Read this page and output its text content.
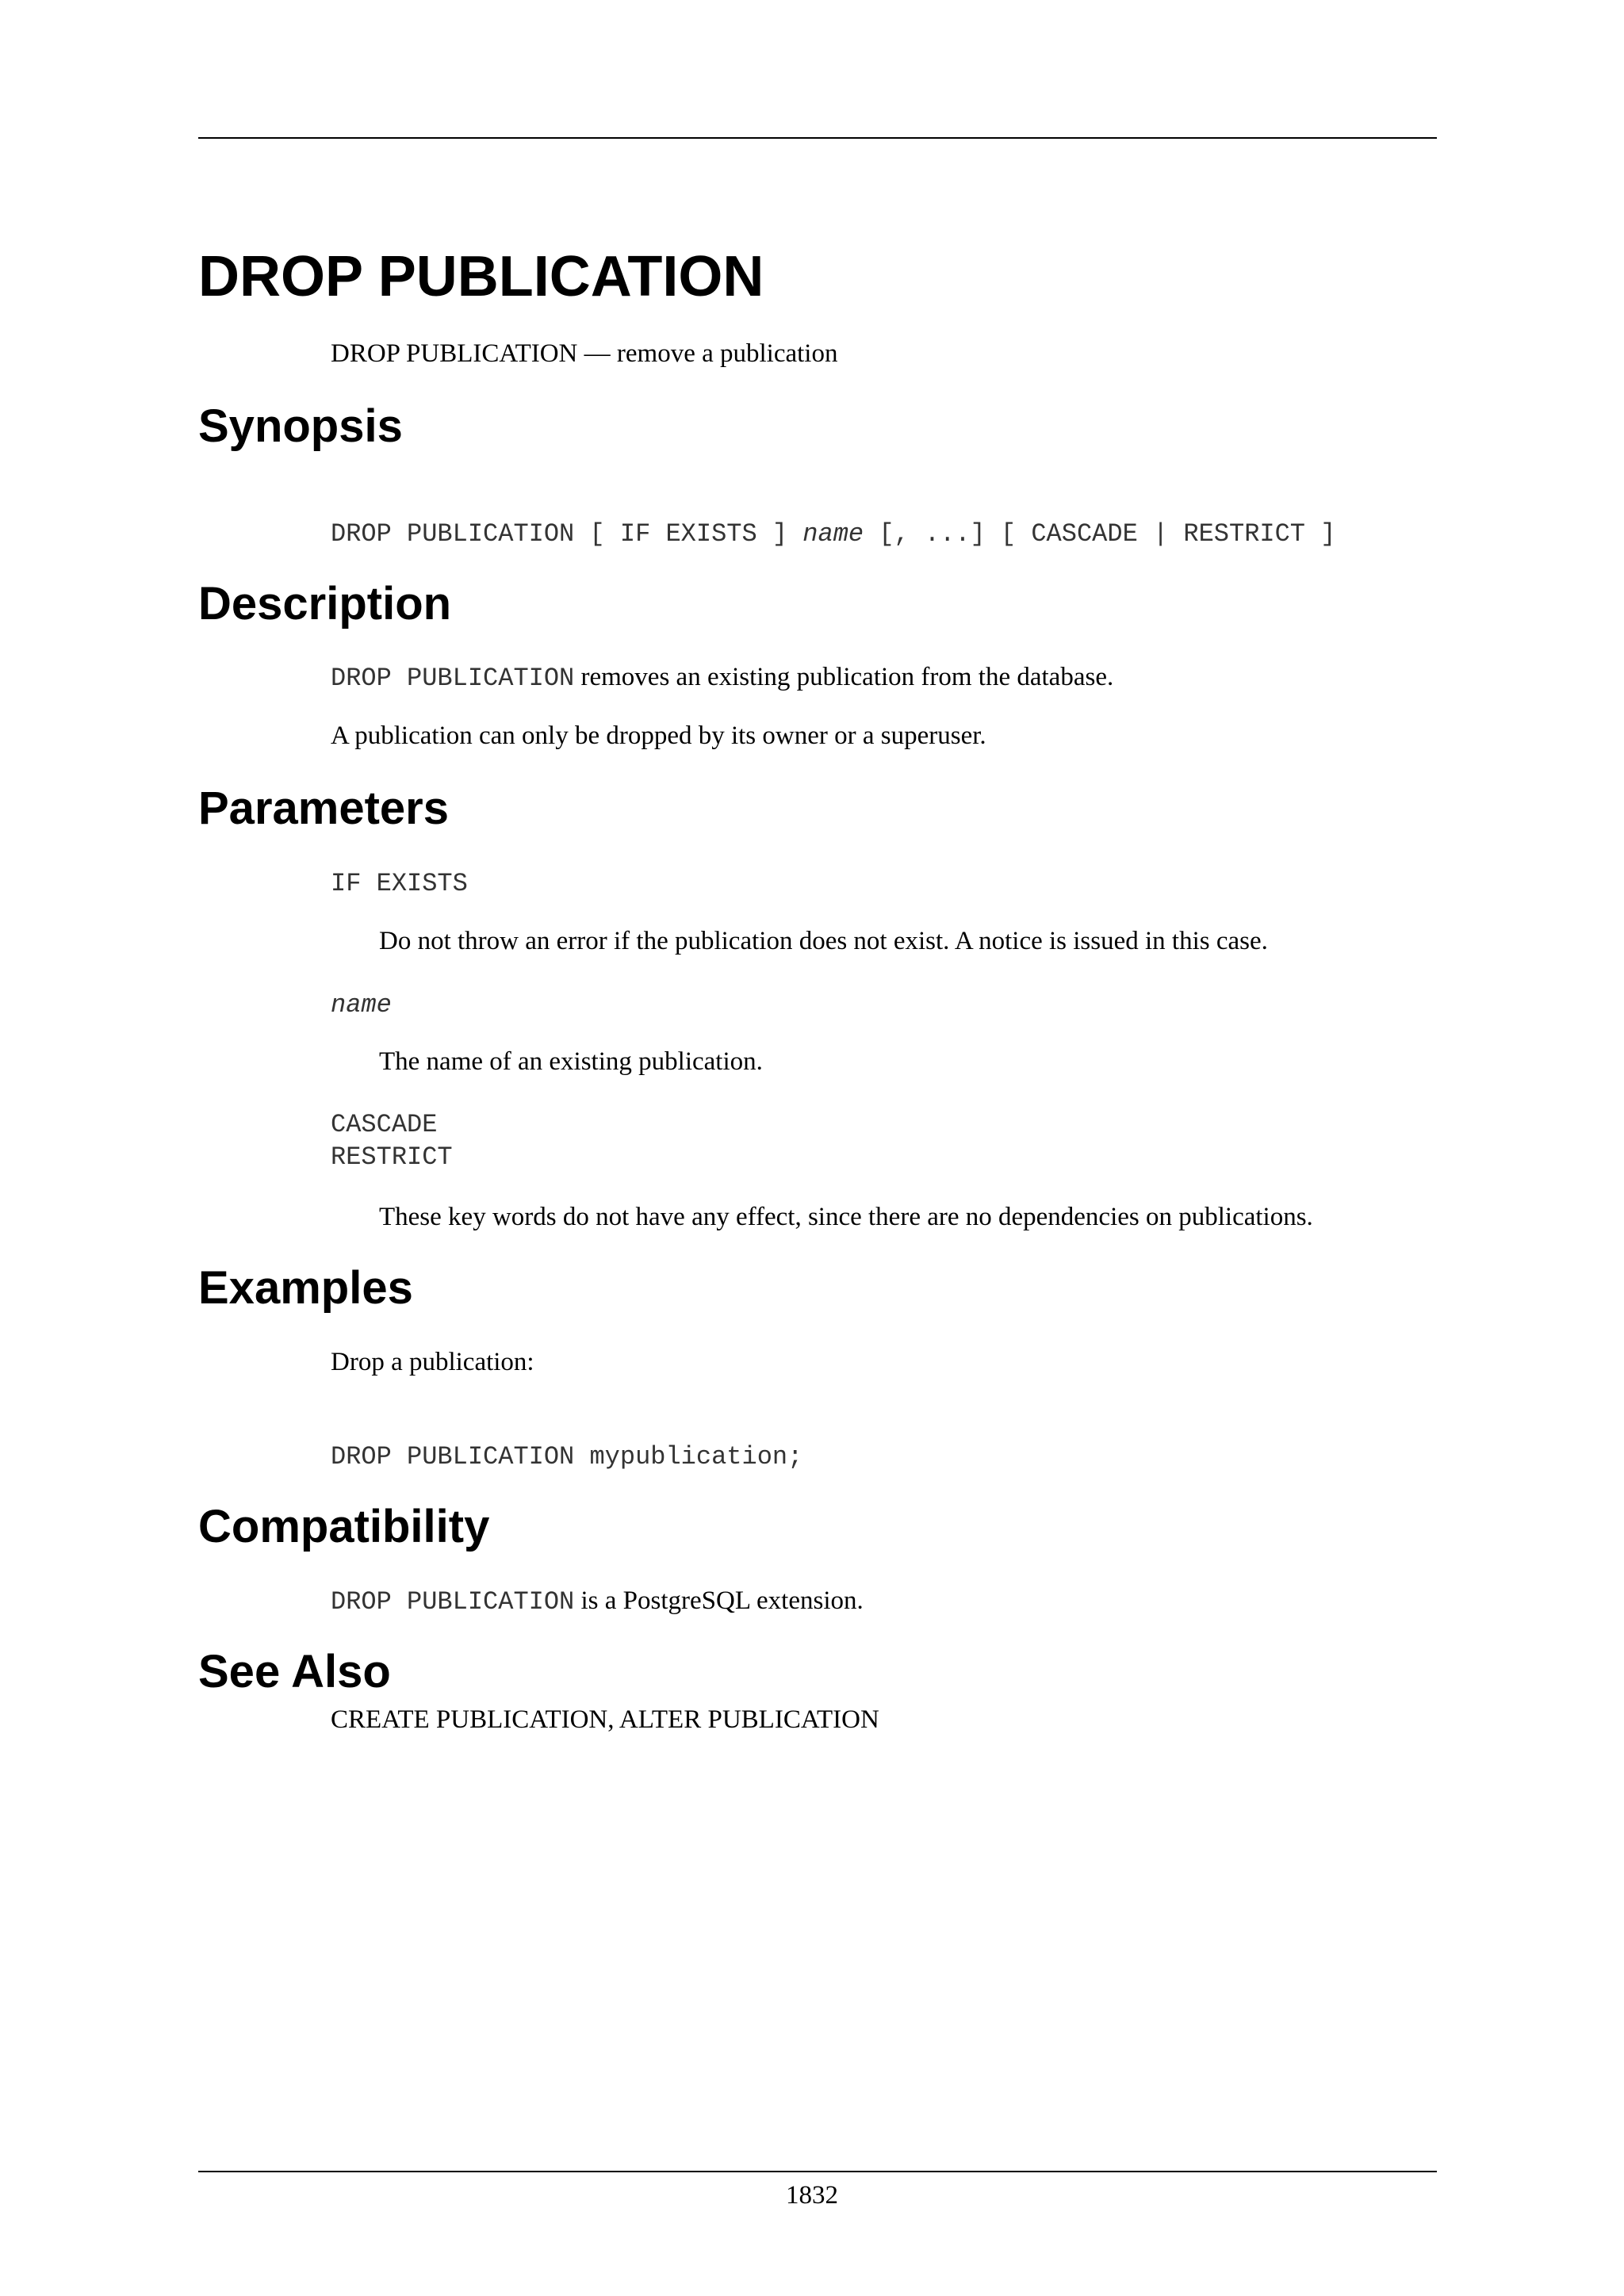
DROP PUBLICATION
DROP PUBLICATION — remove a publication
Synopsis
DROP PUBLICATION [ IF EXISTS ] name [, ...] [ CASCADE | RESTRICT ]
Description
DROP PUBLICATION removes an existing publication from the database.
A publication can only be dropped by its owner or a superuser.
Parameters
IF EXISTS
Do not throw an error if the publication does not exist. A notice is issued in this case.
name
The name of an existing publication.
CASCADE
RESTRICT
These key words do not have any effect, since there are no dependencies on publications.
Examples
Drop a publication:
DROP PUBLICATION mypublication;
Compatibility
DROP PUBLICATION is a PostgreSQL extension.
See Also
CREATE PUBLICATION, ALTER PUBLICATION
1832
